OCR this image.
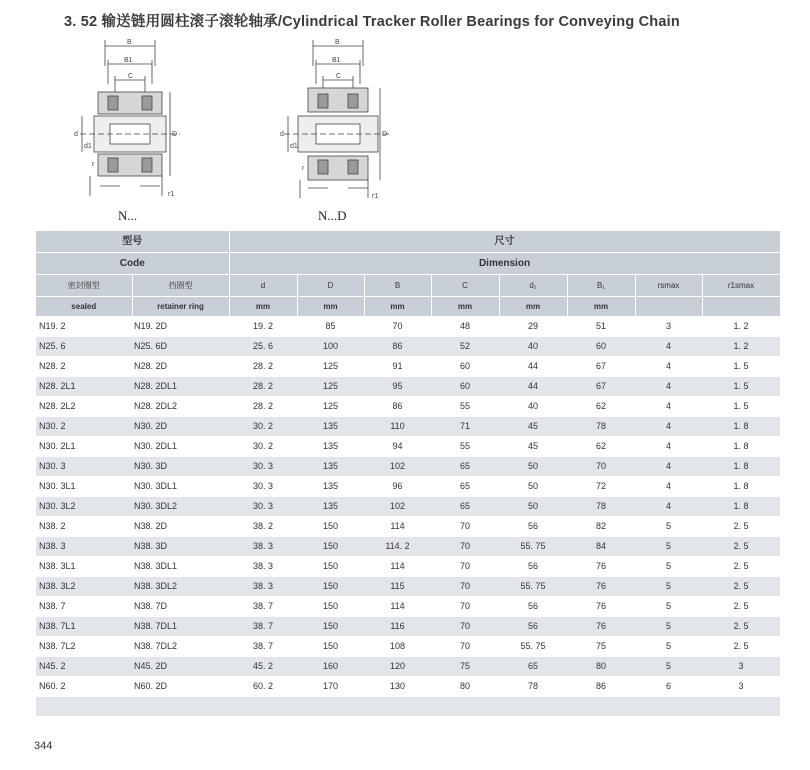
3. 52 输送链用圆柱滚子滚轮轴承/Cylindrical Tracker Roller Bearings for Conveying Chain
B
B1
C
D
d
d1
r
r1
N...
B
B1
C
D
d
d1
r
r1
N...D
型号		尺寸							
Code		Dimension							
密封圈型	挡圈型	d	D	B	C	d₁	B₁	rsmax	r1smax
sealed	retainer ring	mm	mm	mm	mm	mm	mm		
N19. 2	N19. 2D	19. 2	85	70	48	29	51	3	1. 2
N25. 6	N25. 6D	25. 6	100	86	52	40	60	4	1. 2
N28. 2	N28. 2D	28. 2	125	91	60	44	67	4	1. 5
N28. 2L1	N28. 2DL1	28. 2	125	95	60	44	67	4	1. 5
N28. 2L2	N28. 2DL2	28. 2	125	86	55	40	62	4	1. 5
N30. 2	N30. 2D	30. 2	135	110	71	45	78	4	1. 8
N30. 2L1	N30. 2DL1	30. 2	135	94	55	45	62	4	1. 8
N30. 3	N30. 3D	30. 3	135	102	65	50	70	4	1. 8
N30. 3L1	N30. 3DL1	30. 3	135	96	65	50	72	4	1. 8
N30. 3L2	N30. 3DL2	30. 3	135	102	65	50	78	4	1. 8
N38. 2	N38. 2D	38. 2	150	114	70	56	82	5	2. 5
N38. 3	N38. 3D	38. 3	150	114. 2	70	55. 75	84	5	2. 5
N38. 3L1	N38. 3DL1	38. 3	150	114	70	56	76	5	2. 5
N38. 3L2	N38. 3DL2	38. 3	150	115	70	55. 75	76	5	2. 5
N38. 7	N38. 7D	38. 7	150	114	70	56	76	5	2. 5
N38. 7L1	N38. 7DL1	38. 7	150	116	70	56	76	5	2. 5
N38. 7L2	N38. 7DL2	38. 7	150	108	70	55. 75	75	5	2. 5
N45. 2	N45. 2D	45. 2	160	120	75	65	80	5	3
N60. 2	N60. 2D	60. 2	170	130	80	78	86	6	3

344
